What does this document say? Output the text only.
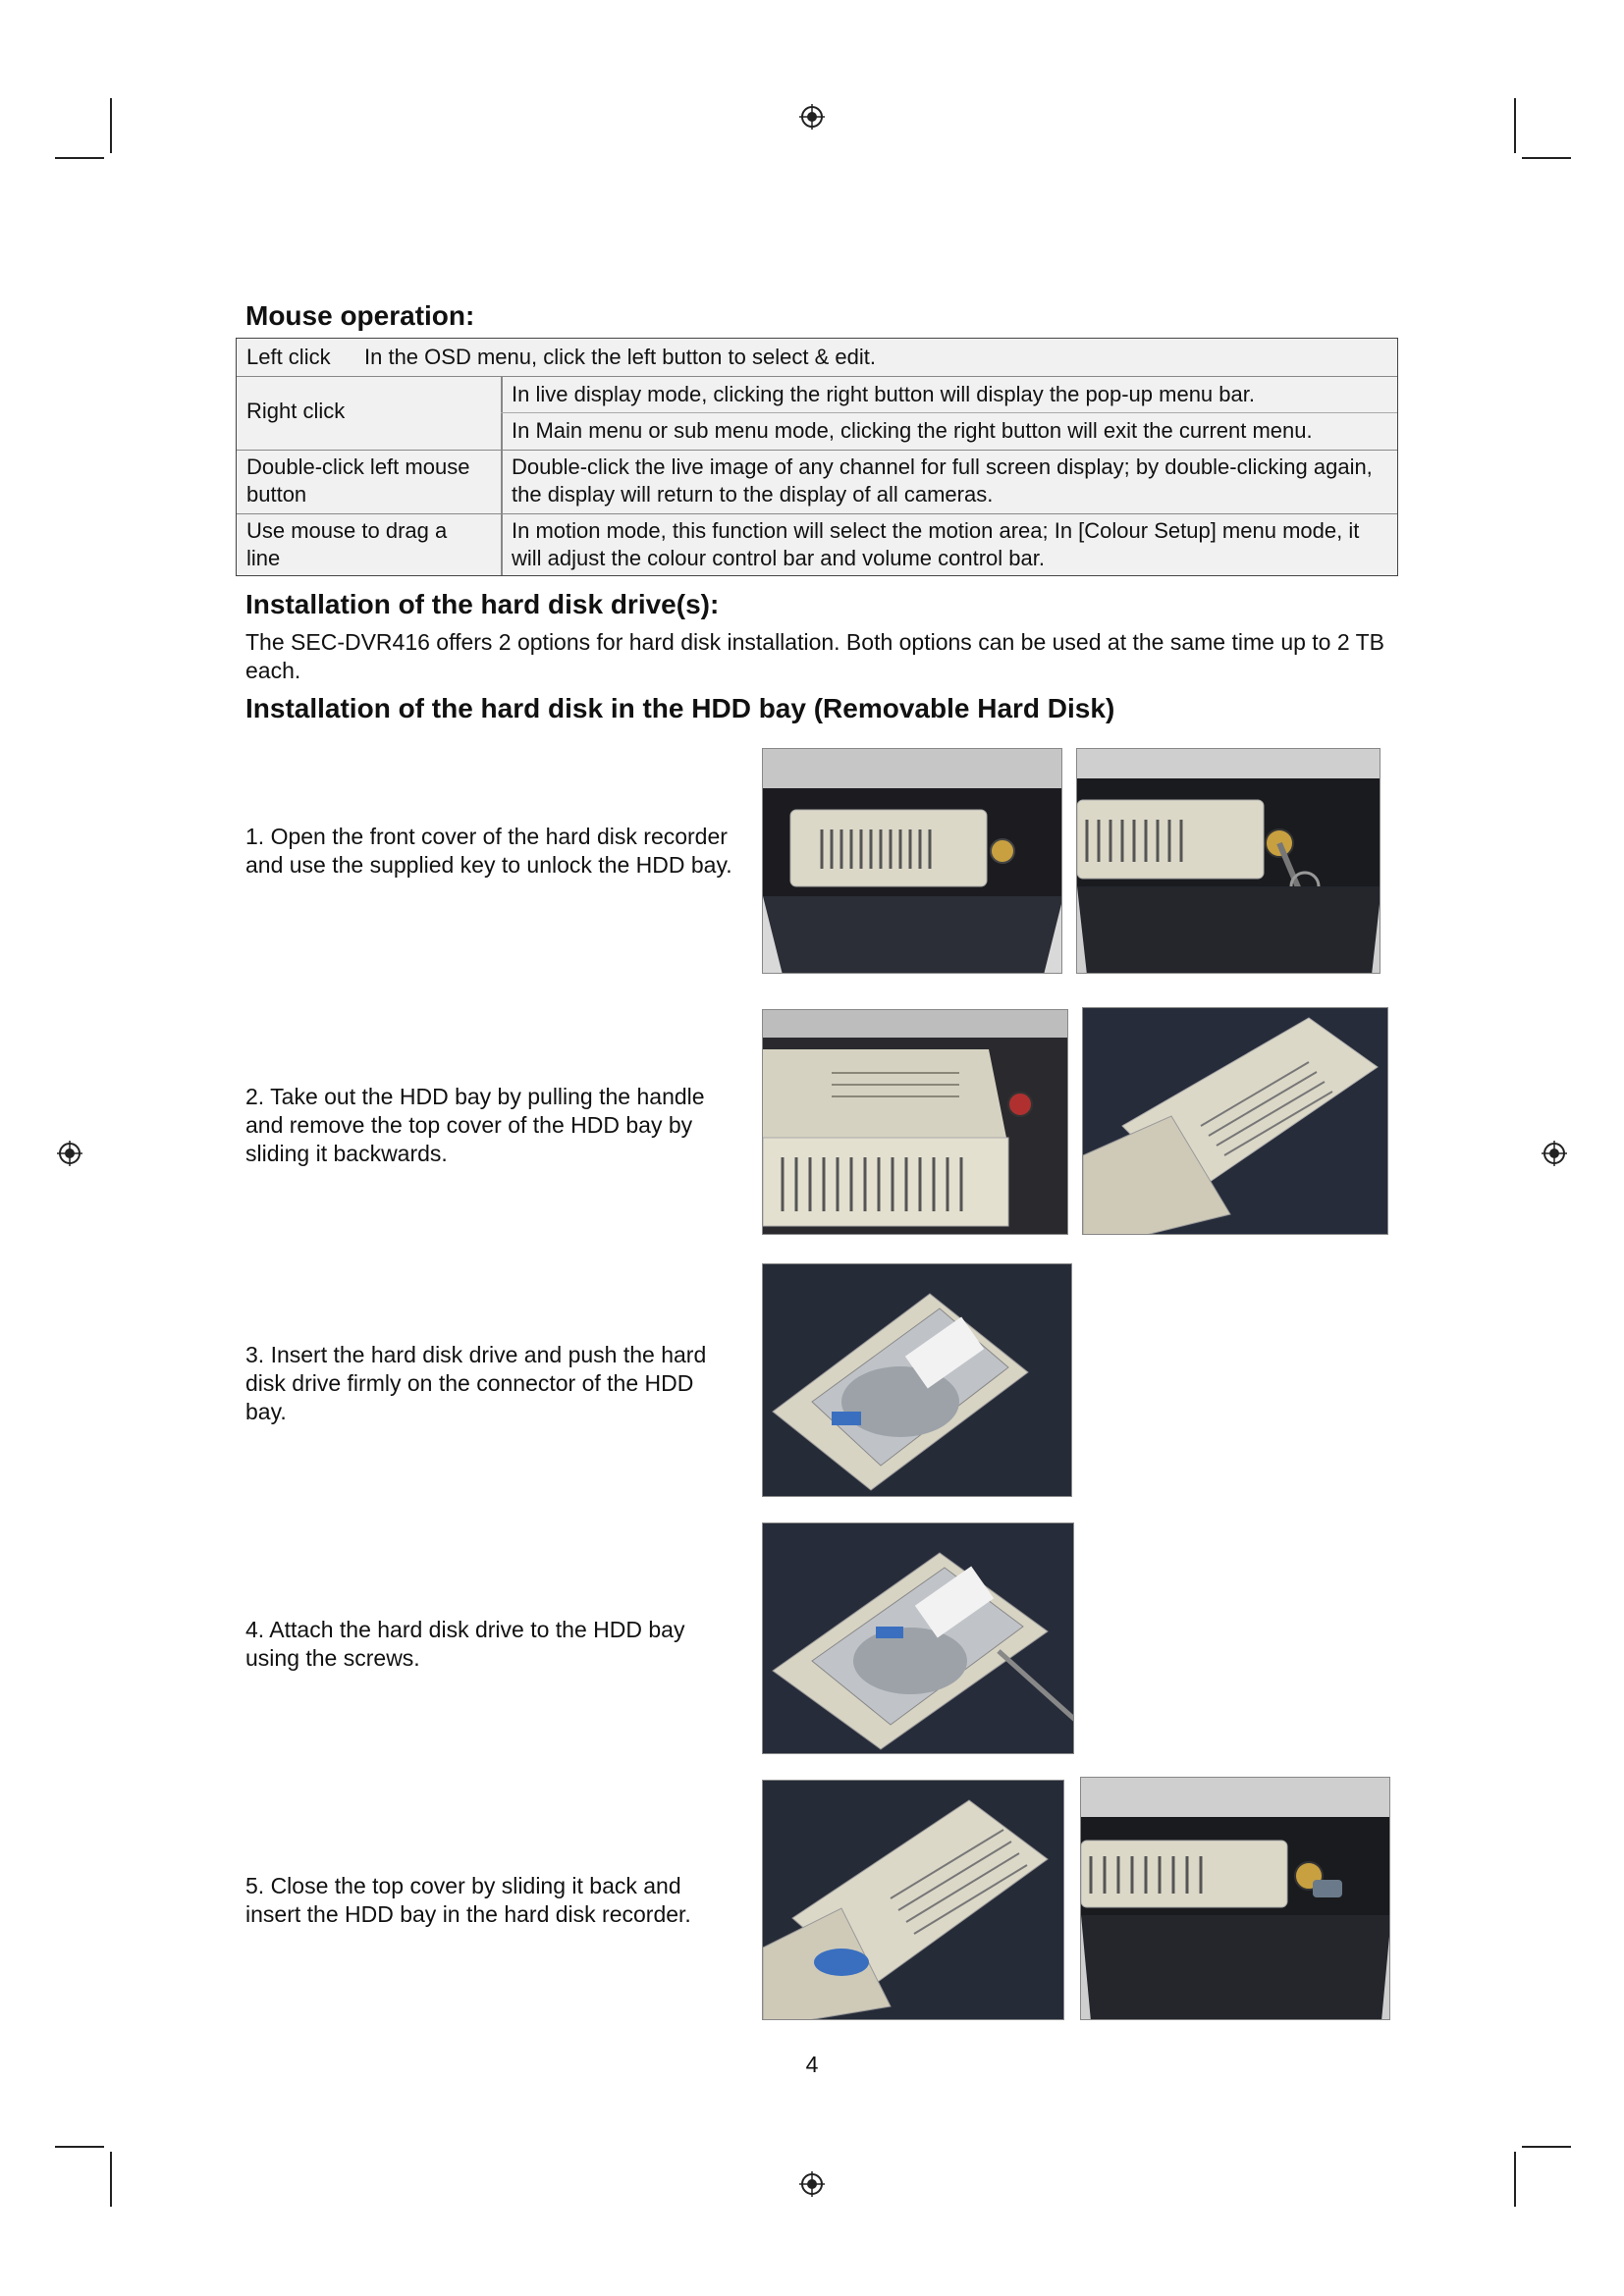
Mouse operation:
Left click In the OSD menu, click the left button to select & edit.
Right click
In live display mode, clicking the right button will display the pop-up menu bar.
In Main menu or sub menu mode, clicking the right button will exit the current menu.
Double-click left mouse button
Double-click the live image of any channel for full screen display; by double-clicking again, the display will return to the display of all cameras.
Use mouse to drag a line
In motion mode, this function will select the motion area; In [Colour Setup] menu mode, it will adjust the colour control bar and volume control bar.
Installation of the hard disk drive(s):
The SEC-DVR416 offers 2 options for hard disk installation. Both options can be used at the same time up to 2 TB each.
Installation of the hard disk in the HDD bay (Removable Hard Disk)
1. Open the front cover of the hard disk recorder and use the supplied key to unlock the HDD bay.
2. Take out the HDD bay by pulling the handle and remove the top cover of the HDD bay by sliding it backwards.
3. Insert the hard disk drive and push the hard disk drive firmly on the connector of the HDD bay.
4. Attach the hard disk drive to the HDD bay using the screws.
5. Close the top cover by sliding it back and insert the HDD bay in the hard disk recorder.
4
